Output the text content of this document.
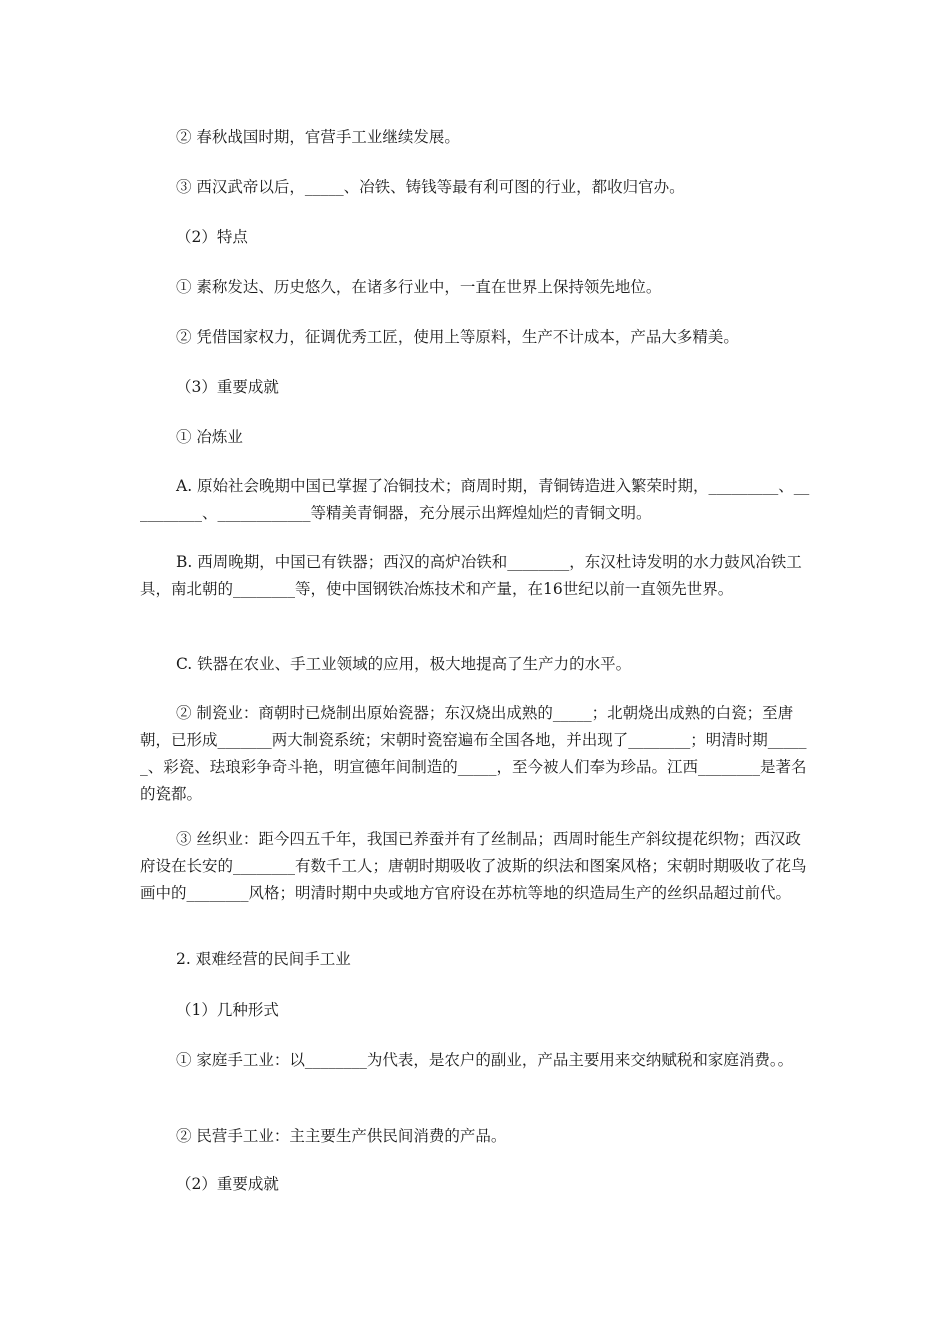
② 春秋战国时期，官营手工业继续发展。

③ 西汉武帝以后，_____、冶铁、铸钱等最有利可图的行业，都收归官办。

（2）特点

① 素称发达、历史悠久，在诸多行业中，一直在世界上保持领先地位。

② 凭借国家权力，征调优秀工匠，使用上等原料，生产不计成本，产品大多精美。

（3）重要成就

① 冶炼业

A. 原始社会晚期中国已掌握了冶铜技术；商周时期，青铜铸造进入繁荣时期，_________、__________、____________等精美青铜器，充分展示出辉煌灿烂的青铜文明。

B. 西周晚期，中国已有铁器；西汉的高炉冶铁和________，东汉杜诗发明的水力鼓风冶铁工具，南北朝的________等，使中国钢铁冶炼技术和产量，在16世纪以前一直领先世界。

C. 铁器在农业、手工业领域的应用，极大地提高了生产力的水平。

② 制瓷业：商朝时已烧制出原始瓷器；东汉烧出成熟的_____；北朝烧出成熟的白瓷；至唐朝，已形成_______两大制瓷系统；宋朝时瓷窑遍布全国各地，并出现了________；明清时期______、彩瓷、珐琅彩争奇斗艳，明宣德年间制造的_____，至今被人们奉为珍品。江西________是著名的瓷都。

③ 丝织业：距今四五千年，我国已养蚕并有了丝制品；西周时能生产斜纹提花织物；西汉政府设在长安的________有数千工人；唐朝时期吸收了波斯的织法和图案风格；宋朝时期吸收了花鸟画中的________风格；明清时期中央或地方官府设在苏杭等地的织造局生产的丝织品超过前代。

2. 艰难经营的民间手工业

（1）几种形式

① 家庭手工业：以________为代表，是农户的副业，产品主要用来交纳赋税和家庭消费。。

② 民营手工业：主主要生产供民间消费的产品。

（2）重要成就
